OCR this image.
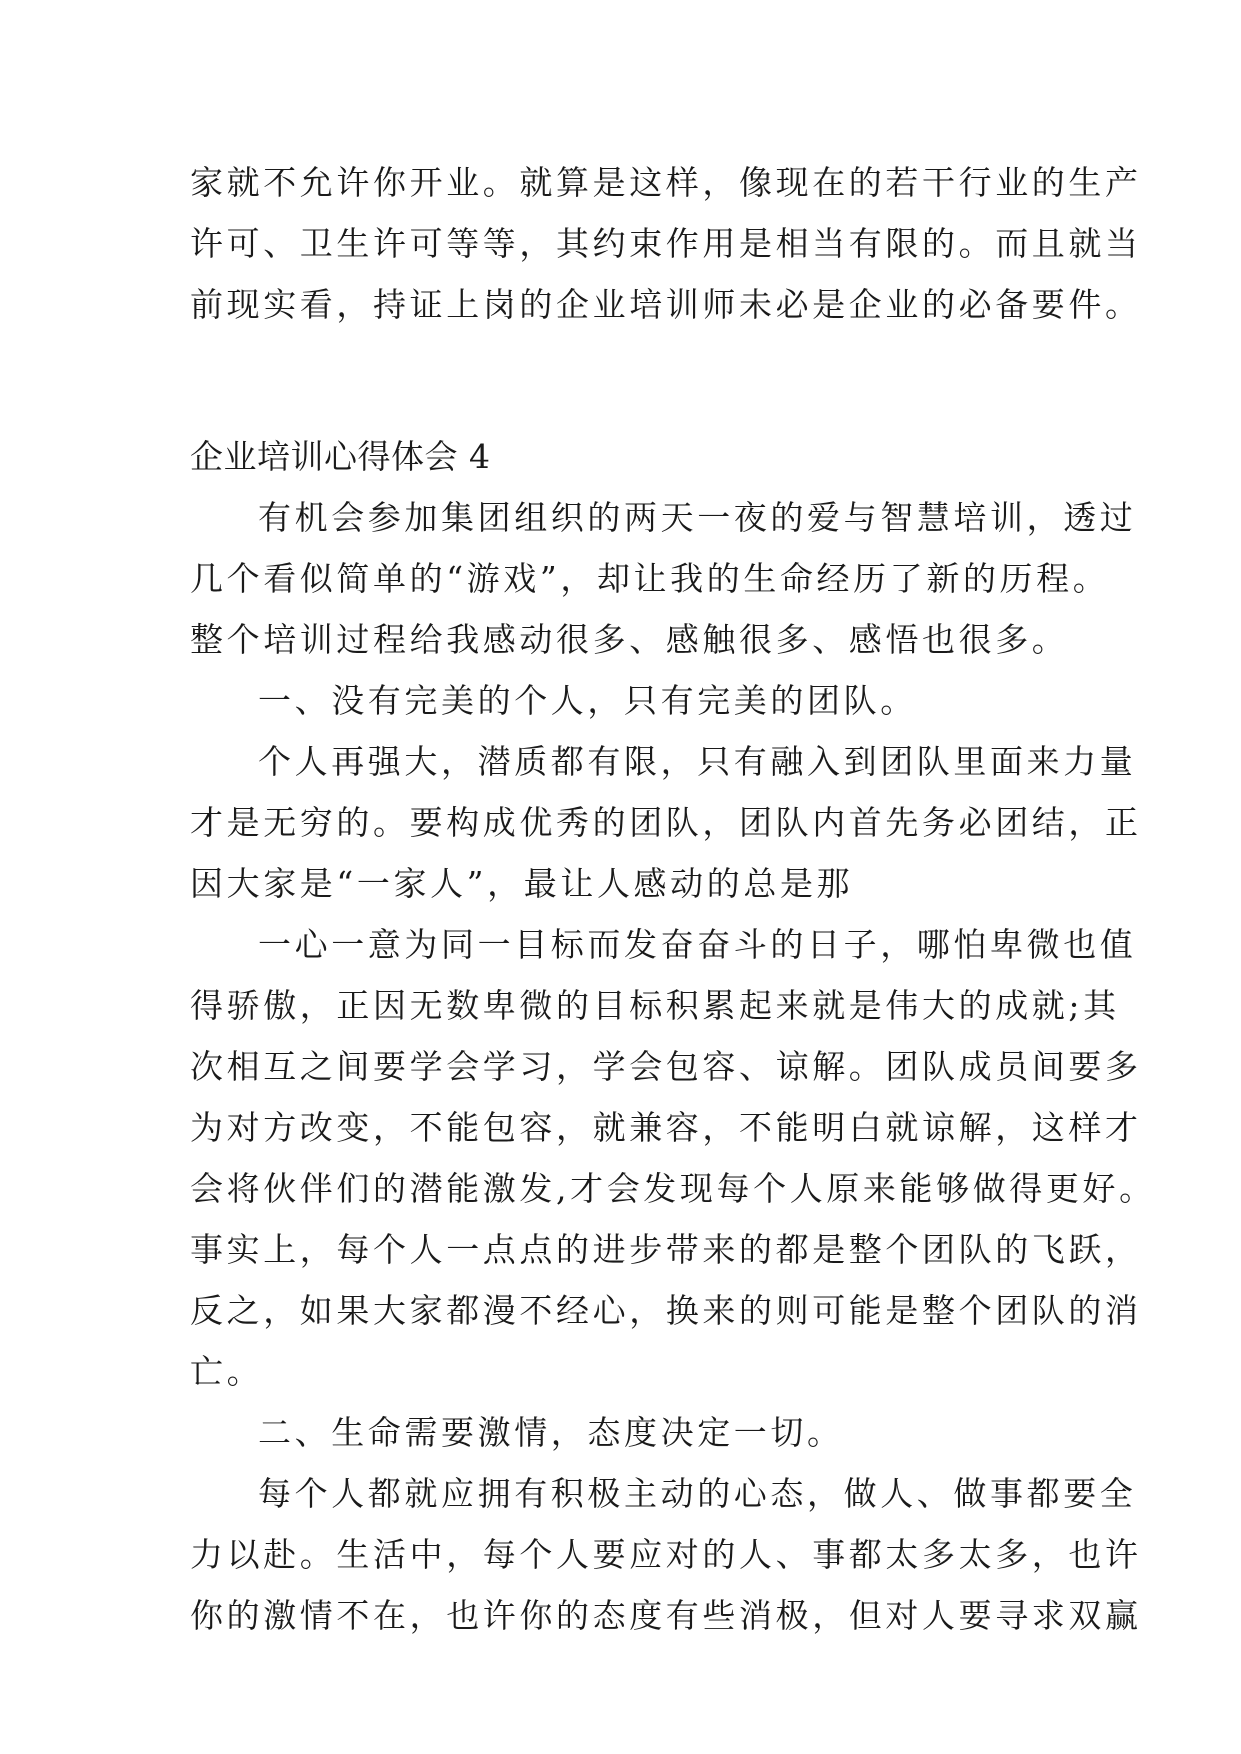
家就不允许你开业。就算是这样，像现在的若干行业的生产
许可、卫生许可等等，其约束作用是相当有限的。而且就当
前现实看，持证上岗的企业培训师未必是企业的必备要件。
企业培训心得体会 4
有机会参加集团组织的两天一夜的爱与智慧培训，透过
几个看似简单的“游戏”，却让我的生命经历了新的历程。
整个培训过程给我感动很多、感触很多、感悟也很多。
一、没有完美的个人，只有完美的团队。
个人再强大，潜质都有限，只有融入到团队里面来力量
才是无穷的。要构成优秀的团队，团队内首先务必团结，正
因大家是“一家人”，最让人感动的总是那
一心一意为同一目标而发奋奋斗的日子，哪怕卑微也值
得骄傲，正因无数卑微的目标积累起来就是伟大的成就;其
次相互之间要学会学习，学会包容、谅解。团队成员间要多
为对方改变，不能包容，就兼容，不能明白就谅解，这样才
会将伙伴们的潜能激发,才会发现每个人原来能够做得更好。
事实上，每个人一点点的进步带来的都是整个团队的飞跃，
反之，如果大家都漫不经心，换来的则可能是整个团队的消
亡。
二、生命需要激情，态度决定一切。
每个人都就应拥有积极主动的心态，做人、做事都要全
力以赴。生活中，每个人要应对的人、事都太多太多，也许
你的激情不在，也许你的态度有些消极，但对人要寻求双赢
